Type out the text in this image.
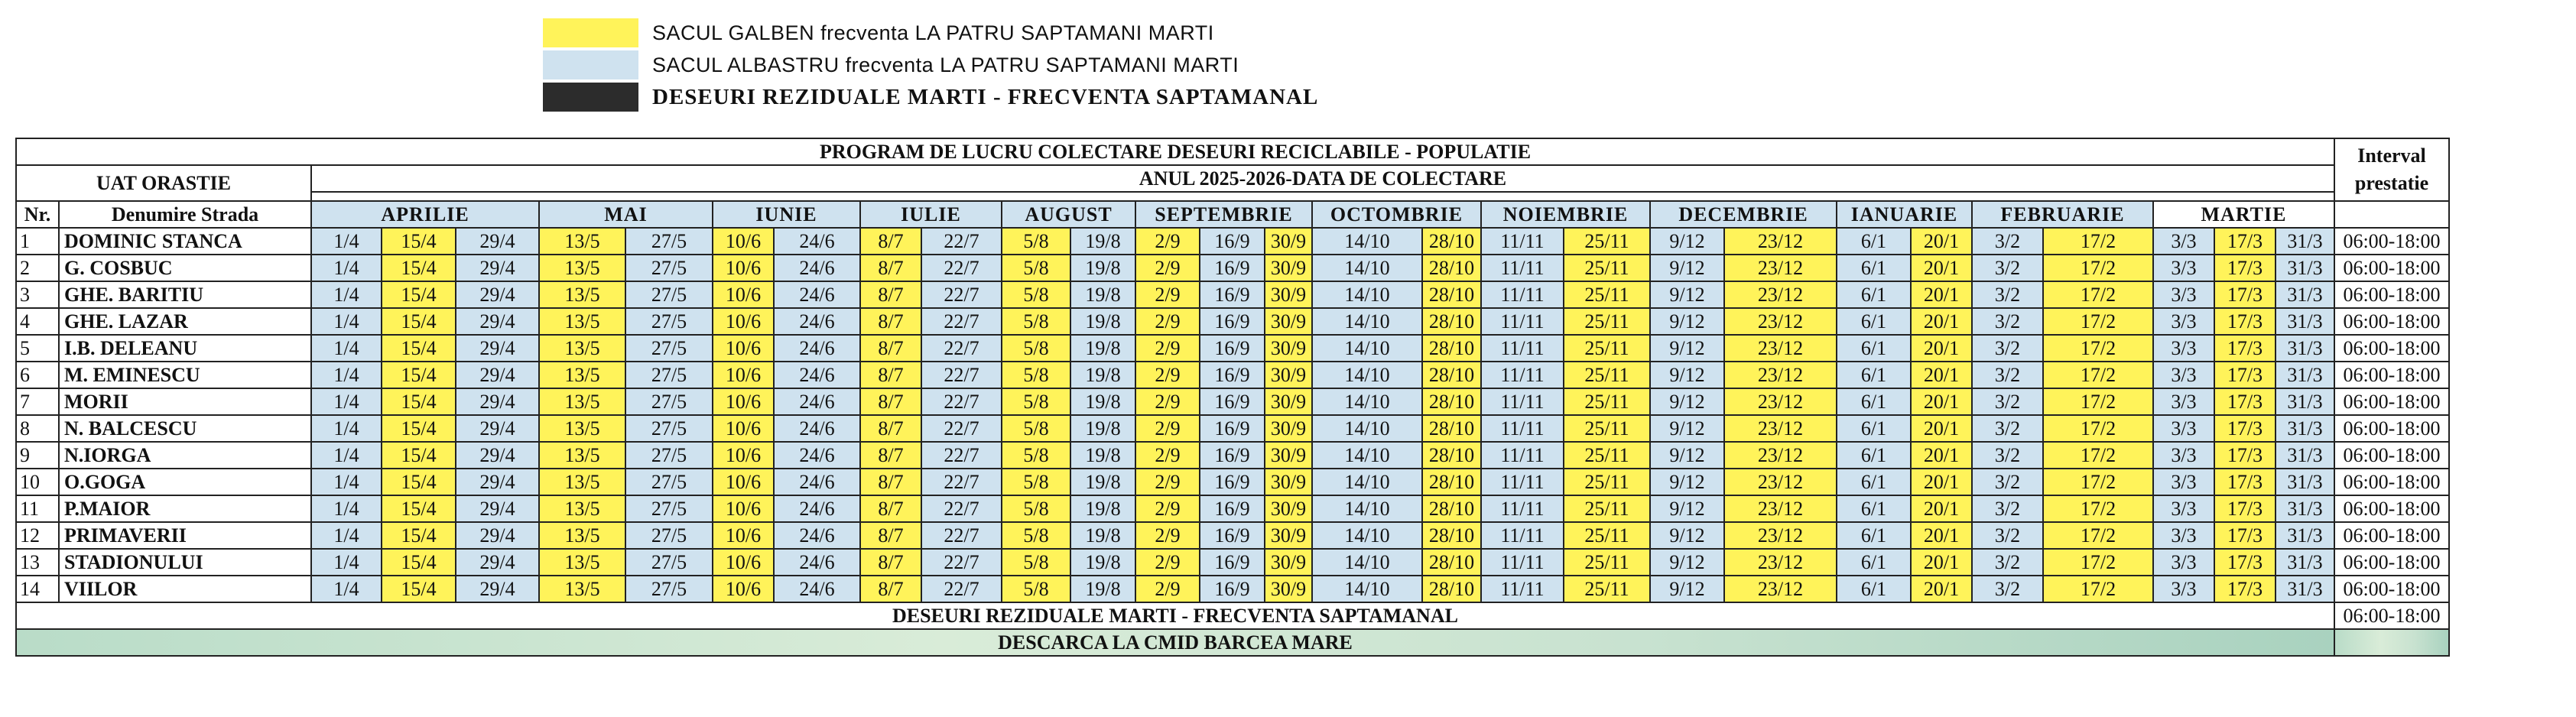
SACUL GALBEN frecventa LA PATRU SAPTAMANI MARTI
SACUL ALBASTRU frecventa LA PATRU SAPTAMANI MARTI
DESEURI REZIDUALE MARTI - FRECVENTA SAPTAMANAL
PROGRAM DE LUCRU COLECTARE DESEURI RECICLABILE - POPULATIE																													Interval prestatie
UAT ORASTIE		ANUL 2025-2026-DATA DE COLECTARE																											

Nr.	Denumire Strada	APRILIE			MAI		IUNIE		IULIE		AUGUST		SEPTEMBRIE			OCTOMBRIE		NOIEMBRIE		DECEMBRIE		IANUARIE		FEBRUARIE		MARTIE			
1	DOMINIC STANCA	1/4	15/4	29/4	13/5	27/5	10/6	24/6	8/7	22/7	5/8	19/8	2/9	16/9	30/9	14/10	28/10	11/11	25/11	9/12	23/12	6/1	20/1	3/2	17/2	3/3	17/3	31/3	06:00-18:00
2	G. COSBUC	1/4	15/4	29/4	13/5	27/5	10/6	24/6	8/7	22/7	5/8	19/8	2/9	16/9	30/9	14/10	28/10	11/11	25/11	9/12	23/12	6/1	20/1	3/2	17/2	3/3	17/3	31/3	06:00-18:00
3	GHE. BARITIU	1/4	15/4	29/4	13/5	27/5	10/6	24/6	8/7	22/7	5/8	19/8	2/9	16/9	30/9	14/10	28/10	11/11	25/11	9/12	23/12	6/1	20/1	3/2	17/2	3/3	17/3	31/3	06:00-18:00
4	GHE. LAZAR	1/4	15/4	29/4	13/5	27/5	10/6	24/6	8/7	22/7	5/8	19/8	2/9	16/9	30/9	14/10	28/10	11/11	25/11	9/12	23/12	6/1	20/1	3/2	17/2	3/3	17/3	31/3	06:00-18:00
5	I.B. DELEANU	1/4	15/4	29/4	13/5	27/5	10/6	24/6	8/7	22/7	5/8	19/8	2/9	16/9	30/9	14/10	28/10	11/11	25/11	9/12	23/12	6/1	20/1	3/2	17/2	3/3	17/3	31/3	06:00-18:00
6	M. EMINESCU	1/4	15/4	29/4	13/5	27/5	10/6	24/6	8/7	22/7	5/8	19/8	2/9	16/9	30/9	14/10	28/10	11/11	25/11	9/12	23/12	6/1	20/1	3/2	17/2	3/3	17/3	31/3	06:00-18:00
7	MORII	1/4	15/4	29/4	13/5	27/5	10/6	24/6	8/7	22/7	5/8	19/8	2/9	16/9	30/9	14/10	28/10	11/11	25/11	9/12	23/12	6/1	20/1	3/2	17/2	3/3	17/3	31/3	06:00-18:00
8	N. BALCESCU	1/4	15/4	29/4	13/5	27/5	10/6	24/6	8/7	22/7	5/8	19/8	2/9	16/9	30/9	14/10	28/10	11/11	25/11	9/12	23/12	6/1	20/1	3/2	17/2	3/3	17/3	31/3	06:00-18:00
9	N.IORGA	1/4	15/4	29/4	13/5	27/5	10/6	24/6	8/7	22/7	5/8	19/8	2/9	16/9	30/9	14/10	28/10	11/11	25/11	9/12	23/12	6/1	20/1	3/2	17/2	3/3	17/3	31/3	06:00-18:00
10	O.GOGA	1/4	15/4	29/4	13/5	27/5	10/6	24/6	8/7	22/7	5/8	19/8	2/9	16/9	30/9	14/10	28/10	11/11	25/11	9/12	23/12	6/1	20/1	3/2	17/2	3/3	17/3	31/3	06:00-18:00
11	P.MAIOR	1/4	15/4	29/4	13/5	27/5	10/6	24/6	8/7	22/7	5/8	19/8	2/9	16/9	30/9	14/10	28/10	11/11	25/11	9/12	23/12	6/1	20/1	3/2	17/2	3/3	17/3	31/3	06:00-18:00
12	PRIMAVERII	1/4	15/4	29/4	13/5	27/5	10/6	24/6	8/7	22/7	5/8	19/8	2/9	16/9	30/9	14/10	28/10	11/11	25/11	9/12	23/12	6/1	20/1	3/2	17/2	3/3	17/3	31/3	06:00-18:00
13	STADIONULUI	1/4	15/4	29/4	13/5	27/5	10/6	24/6	8/7	22/7	5/8	19/8	2/9	16/9	30/9	14/10	28/10	11/11	25/11	9/12	23/12	6/1	20/1	3/2	17/2	3/3	17/3	31/3	06:00-18:00
14	VIILOR	1/4	15/4	29/4	13/5	27/5	10/6	24/6	8/7	22/7	5/8	19/8	2/9	16/9	30/9	14/10	28/10	11/11	25/11	9/12	23/12	6/1	20/1	3/2	17/2	3/3	17/3	31/3	06:00-18:00
DESEURI REZIDUALE MARTI - FRECVENTA SAPTAMANAL																													06:00-18:00
DESCARCA LA CMID BARCEA MARE																													
